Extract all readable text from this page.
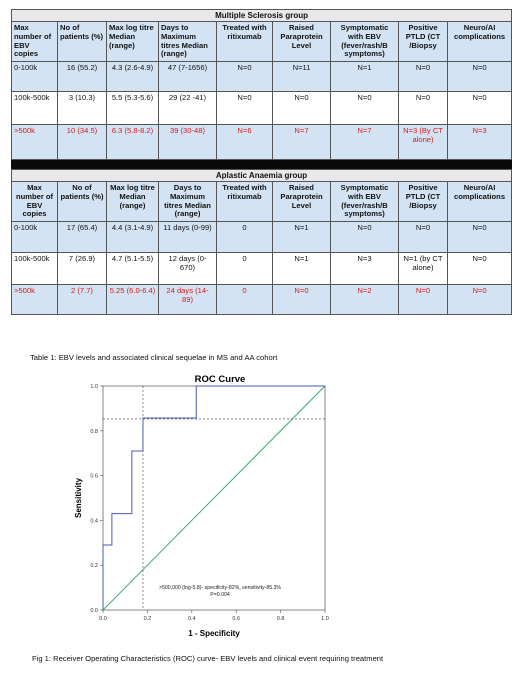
Multiple Sclerosis group								
Max number of EBV copies	No of patients (%)	Max log titre Median (range)	Days to Maximum titres Median (range)	Treated with ritixumab	Raised Paraprotein Level	Symptomatic with EBV (fever/rash/B symptoms)	Positive PTLD (CT /Biopsy	Neuro/AI complications
0-100k	16 (55.2)	4.3 (2.6-4.9)	47 (7-1656)	N=0	N=11	N=1	N=0	N=0
100k-500k	3 (10.3)	5.5 (5.3-5.6)	29 (22 -41)	N=0	N=0	N=0	N=0	N=0
>500k	10 (34.5)	6.3 (5.8-8.2)	39 (30-48)	N=6	N=7	N=7	N=3 (By CT alone)	N=3

Aplastic Anaemia group								
Max number of EBV copies	No of patients (%)	Max log titre Median (range)	Days to Maximum titres Median (range)	Treated with ritixumab	Raised Paraprotein Level	Symptomatic with EBV (fever/rash/B symptoms)	Positive PTLD (CT /Biopsy	Neuro/AI complications
0-100k	17 (65.4)	4.4 (3.1-4.9)	11 days (0-99)	0	N=1	N=0	N=0	N=0
100k-500k	7 (26.9)	4.7 (5.1-5.5)	12 days (0-670)	0	N=1	N=3	N=1 (by CT alone)	N=0
>500k	2 (7.7)	5.25 (6.0-6.4)	24 days (14-89)	0	N=0	N=2	N=0	N=0
Table 1: EBV levels and associated clinical sequelae in MS and AA cohort
ROC Curve
0.0	0.2	0.4	0.6	0.8	1.0
0.0
0.2
0.4
0.6
0.8
1.0
>500,000 (log-5.8)- specificity-82%, sensitivity-85.3%
P=0.004
1 - Specificity
Sensitivity
Fig 1: Receiver Operating Characteristics (ROC) curve- EBV levels and clinical event requiring treatment
